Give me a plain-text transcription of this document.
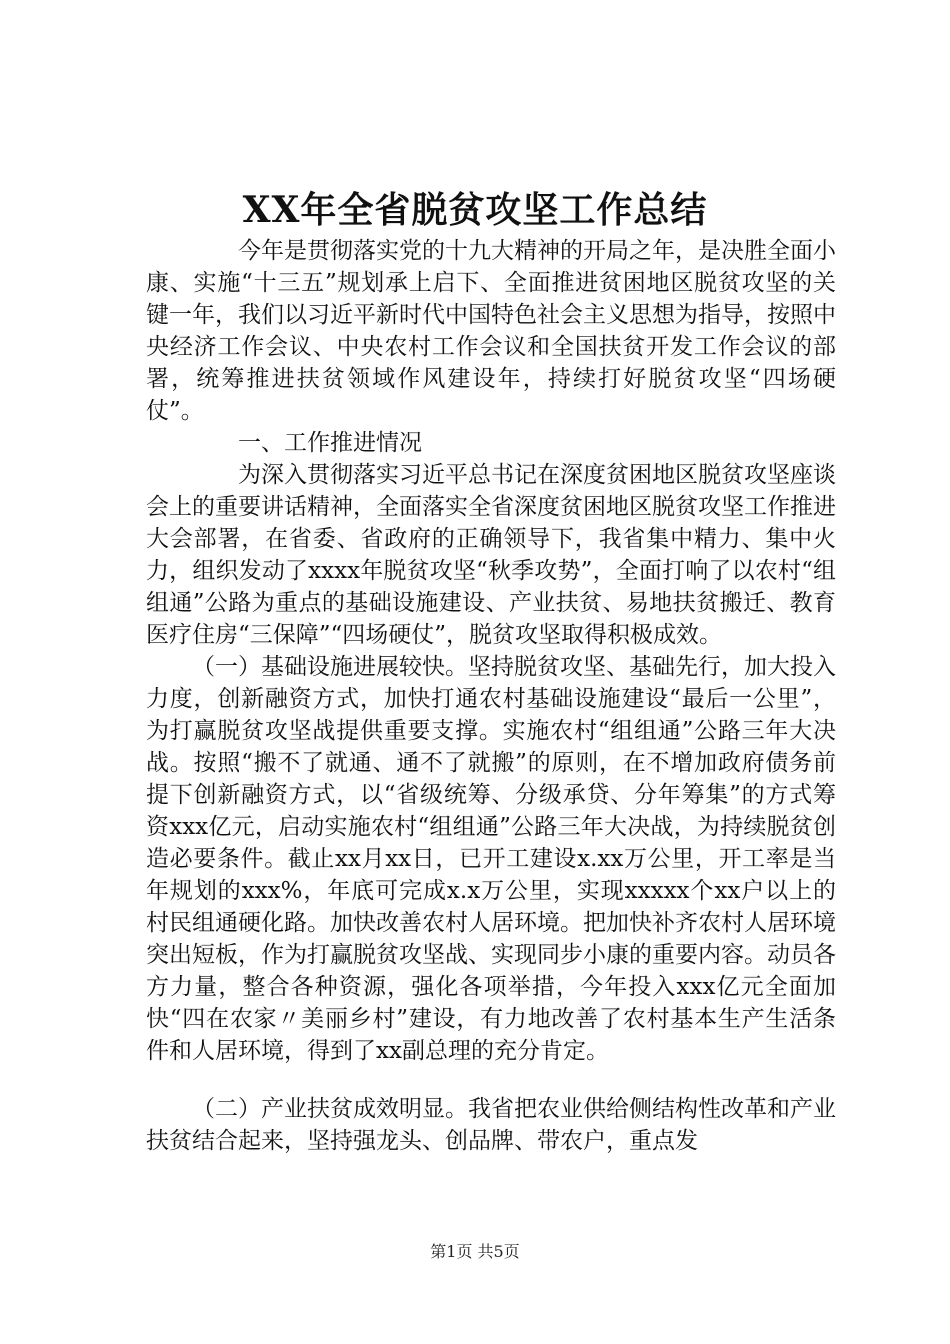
XX年全省脱贫攻坚工作总结

今年是贯彻落实党的十九大精神的开局之年，是决胜全面小康、实施“十三五”规划承上启下、全面推进贫困地区脱贫攻坚的关键一年，我们以习近平新时代中国特色社会主义思想为指导，按照中央经济工作会议、中央农村工作会议和全国扶贫开发工作会议的部署，统筹推进扶贫领域作风建设年，持续打好脱贫攻坚“四场硬仗”。

一、工作推进情况

为深入贯彻落实习近平总书记在深度贫困地区脱贫攻坚座谈会上的重要讲话精神，全面落实全省深度贫困地区脱贫攻坚工作推进大会部署，在省委、省政府的正确领导下，我省集中精力、集中火力，组织发动了xxxx年脱贫攻坚“秋季攻势”，全面打响了以农村“组组通”公路为重点的基础设施建设、产业扶贫、易地扶贫搬迁、教育医疗住房“三保障”“四场硬仗”，脱贫攻坚取得积极成效。

（一）基础设施进展较快。坚持脱贫攻坚、基础先行，加大投入力度，创新融资方式，加快打通农村基础设施建设“最后一公里”，为打赢脱贫攻坚战提供重要支撑。实施农村“组组通”公路三年大决战。按照“搬不了就通、通不了就搬”的原则，在不增加政府债务前提下创新融资方式，以“省级统筹、分级承贷、分年筹集”的方式筹资xxx亿元，启动实施农村“组组通”公路三年大决战，为持续脱贫创造必要条件。截止xx月xx日，已开工建设x.xx万公里，开工率是当年规划的xxx%，年底可完成x.x万公里，实现xxxxx个xx户以上的村民组通硬化路。加快改善农村人居环境。把加快补齐农村人居环境突出短板，作为打赢脱贫攻坚战、实现同步小康的重要内容。动员各方力量，整合各种资源，强化各项举措，今年投入xxx亿元全面加快“四在农家〃美丽乡村”建设，有力地改善了农村基本生产生活条件和人居环境，得到了xx副总理的充分肯定。

（二）产业扶贫成效明显。我省把农业供给侧结构性改革和产业扶贫结合起来，坚持强龙头、创品牌、带农户，重点发

第1页 共5页
